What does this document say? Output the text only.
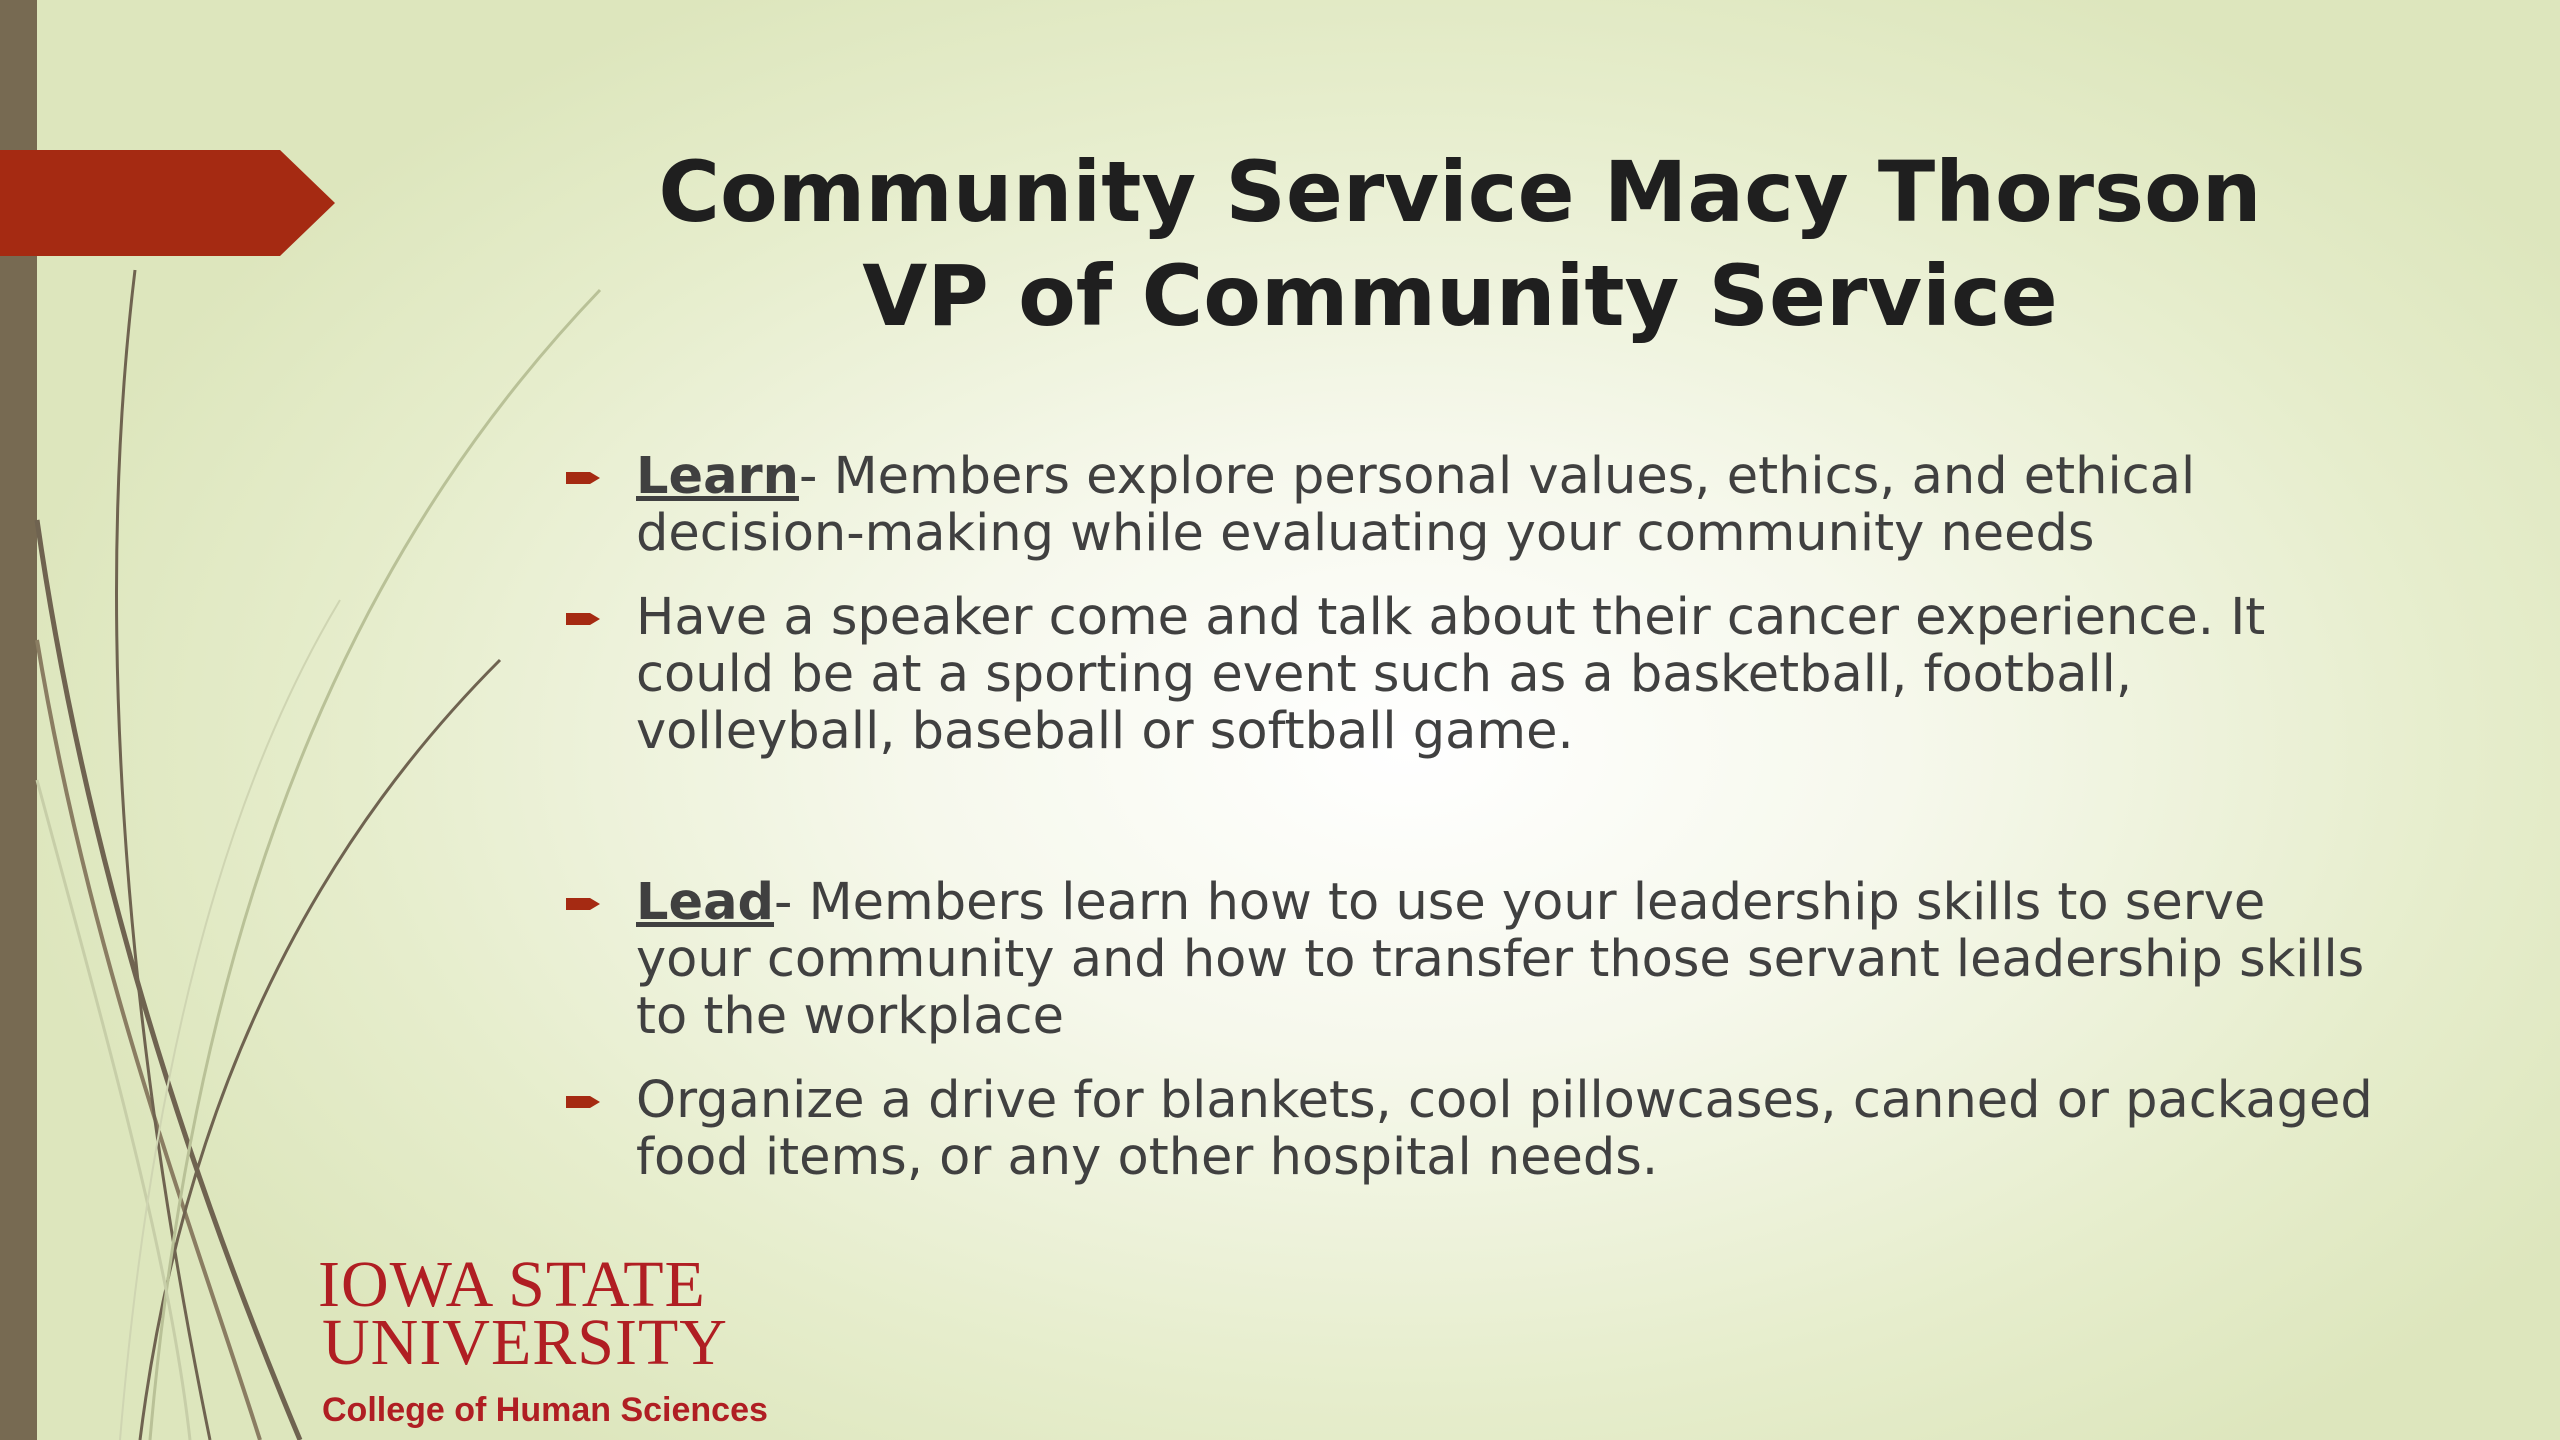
Community Service Macy Thorson
VP of Community Service
Learn- Members explore personal values, ethics, and ethical decision-making while evaluating your community needs
Have a speaker come and talk about their cancer experience. It could be at a sporting event such as a basketball, football, volleyball, baseball or softball game.
Lead- Members learn how to use your leadership skills to serve your community and how to transfer those servant leadership skills to the workplace
Organize a drive for blankets, cool pillowcases, canned or packaged food items, or any other hospital needs.
IOWA STATE
UNIVERSITY
College of Human Sciences
